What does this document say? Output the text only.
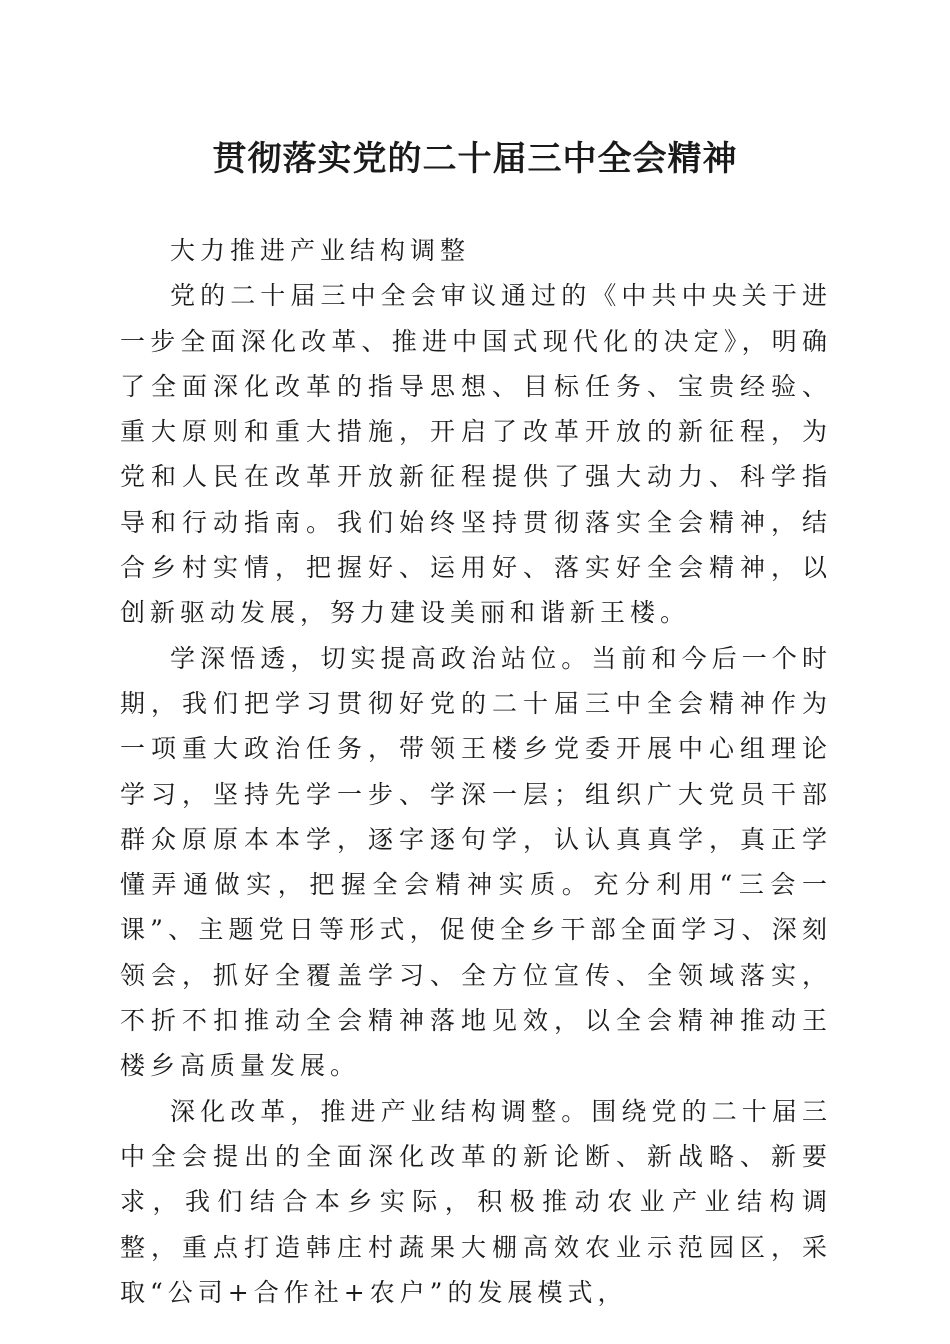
贯彻落实党的二十届三中全会精神

大力推进产业结构调整

党的二十届三中全会审议通过的《中共中央关于进一步全面深化改革、推进中国式现代化的决定》，明确了全面深化改革的指导思想、目标任务、宝贵经验、重大原则和重大措施，开启了改革开放的新征程，为党和人民在改革开放新征程提供了强大动力、科学指导和行动指南。我们始终坚持贯彻落实全会精神，结合乡村实情，把握好、运用好、落实好全会精神，以创新驱动发展，努力建设美丽和谐新王楼。

学深悟透，切实提高政治站位。当前和今后一个时期，我们把学习贯彻好党的二十届三中全会精神作为一项重大政治任务，带领王楼乡党委开展中心组理论学习，坚持先学一步、学深一层；组织广大党员干部群众原原本本学，逐字逐句学，认认真真学，真正学懂弄通做实，把握全会精神实质。充分利用“三会一课”、主题党日等形式，促使全乡干部全面学习、深刻领会，抓好全覆盖学习、全方位宣传、全领域落实，不折不扣推动全会精神落地见效，以全会精神推动王楼乡高质量发展。

深化改革，推进产业结构调整。围绕党的二十届三中全会提出的全面深化改革的新论断、新战略、新要求，我们结合本乡实际，积极推动农业产业结构调整，重点打造韩庄村蔬果大棚高效农业示范园区，采取“公司+合作社+农户”的发展模式，
